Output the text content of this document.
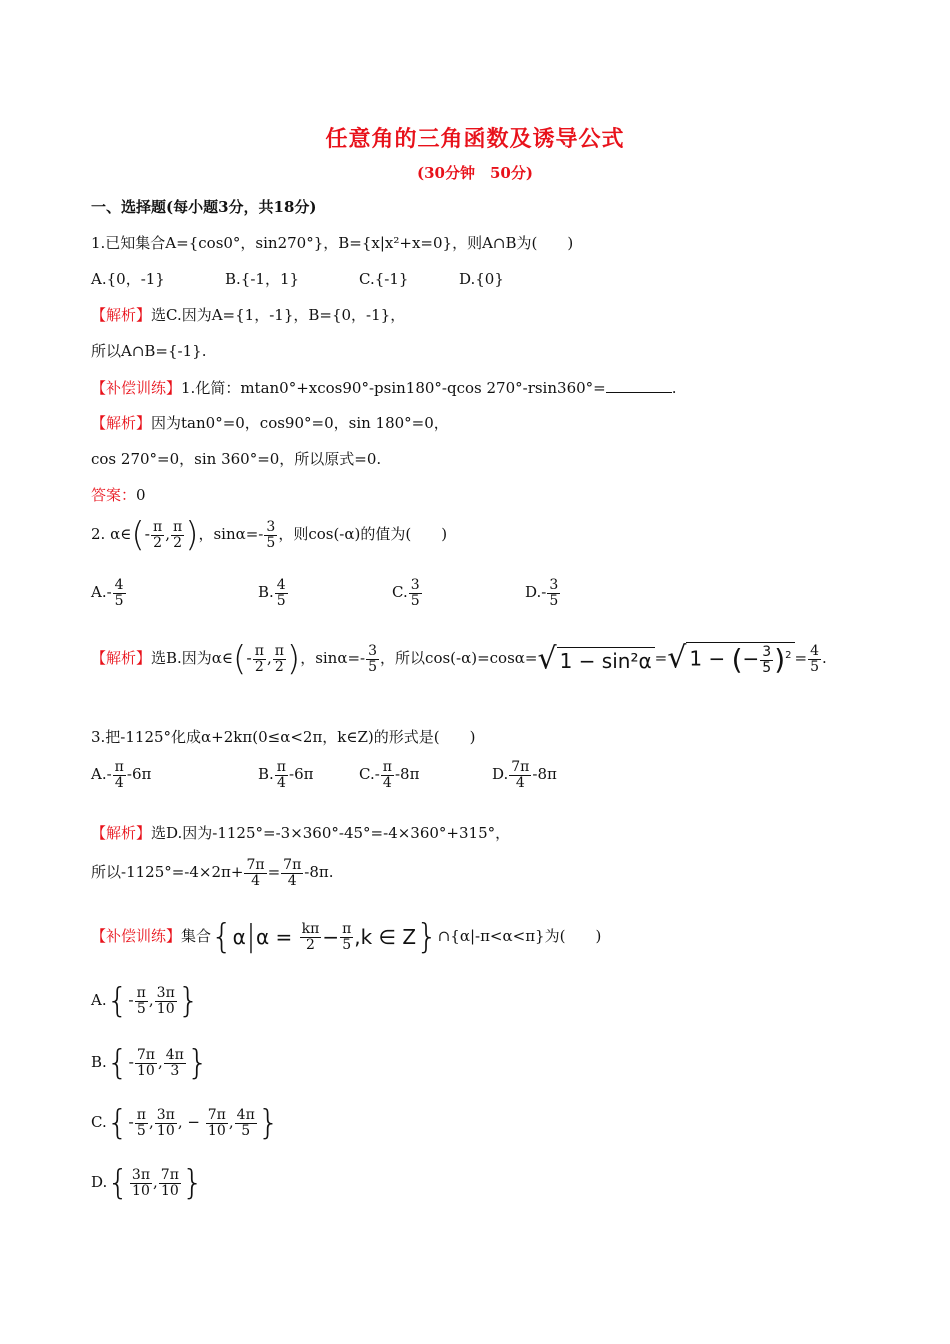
任意角的三角函数及诱导公式
(30分钟　50分)
一、选择题(每小题3分，共18分)
1.已知集合A={cos0°，sin270°}，B={x|x²+x=0}，则A∩B为(　　)
A.{0，-1}	B.{-1，1}	C.{-1}	D.{0}
【解析】选C.因为A={1，-1}，B={0，-1}，
所以A∩B={-1}.
【补偿训练】1.化简：mtan0°+xcos90°-psin180°-qcos 270°-rsin360°=	.
【解析】因为tan0°=0，cos90°=0，sin 180°=0，
cos 270°=0，sin 360°=0，所以原式=0.
答案：0
2. α∈(- $\frac{\pi}{2}$ , $\frac{\pi}{2}$ )，$\sin\alpha=- \frac{3}{5}$ ，则cos(-α)的值为(　　)
$A.- \frac{4}{5}$	B. $\frac{4}{5}$	C. $\frac{3}{5}$	$D.- \frac{3}{5}$
【解析】选B.因为α∈(- $\frac{\pi}{2}$ , $\frac{\pi}{2}$ )，$\sin\alpha=- \frac{3}{5}$ ，所以cos(-α)=cosα=√ 1 − sin²α =√ 1 − (− $\frac{3}{5} )^2 = \frac{4}{5}$ .
3.把-1125°化成α+2kπ(0≤α<2π，k∈Z)的形式是(　　)
$A.- \frac{\pi}{4} -6\pi$	B. $\frac{\pi}{4} -6\pi$	$C.- \frac{\pi}{4} -8\pi$	D. $\frac{7\pi}{4} -8\pi$
【解析】选D.因为-1125°=-3×360°-45°=-4×360°+315°，
所以$-1125^\circ=-4\times 2\pi+ \frac{7\pi}{4} = \frac{7\pi}{4} -8\pi$.
【补偿训练】集合{$\alpha|\alpha = \frac{k\pi}{2} - \frac{\pi}{5} ,k$ ∈ Z}∩{α|-π<α<π}为(　　)
$A.\{- \frac{\pi}{5}$ , $\frac{3\pi}{10}$ }
$B.\{- \frac{7\pi}{10}$ , $\frac{4\pi}{3}$ }
$C.\{- \frac{\pi}{5}$ , $\frac{3\pi}{10}$ , − $\frac{7\pi}{10}$ , $\frac{4\pi}{5}$ }
$D.\{ \frac{3\pi}{10}$ , $\frac{7\pi}{10}$ }
